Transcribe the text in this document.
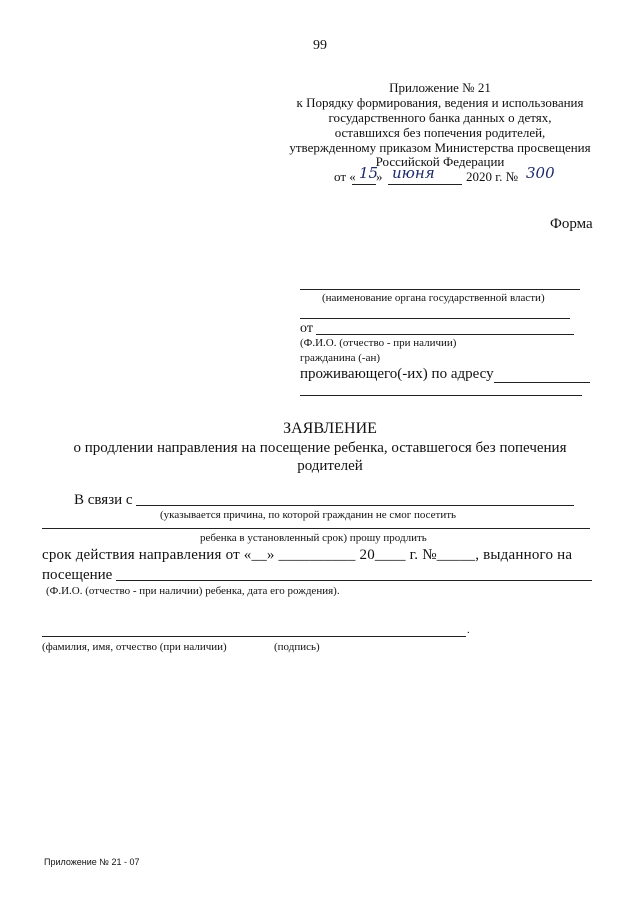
99
Приложение № 21
к Порядку формирования, ведения и использования
государственного банка данных о детях,
оставшихся без попечения родителей,
утвержденному приказом Министерства просвещения
Российской Федерации
от « 15
» июня 2020 г. № 300
Форма
(наименование органа государственной власти)
от
(Ф.И.О. (отчество - при наличии)
гражданина (-ан)
проживающего(-их) по адресу
ЗАЯВЛЕНИЕ
о продлении направления на посещение ребенка, оставшегося без попечения
родителей
В связи с
(указывается причина, по которой гражданин не смог посетить
ребенка в установленный срок) прошу продлить
срок действия направления от «__» __________ 20____ г. №_____, выданного на
посещение
(Ф.И.О. (отчество - при наличии) ребенка, дата его рождения).
.
(фамилия, имя, отчество (при наличии)	(подпись)
Приложение № 21 - 07
